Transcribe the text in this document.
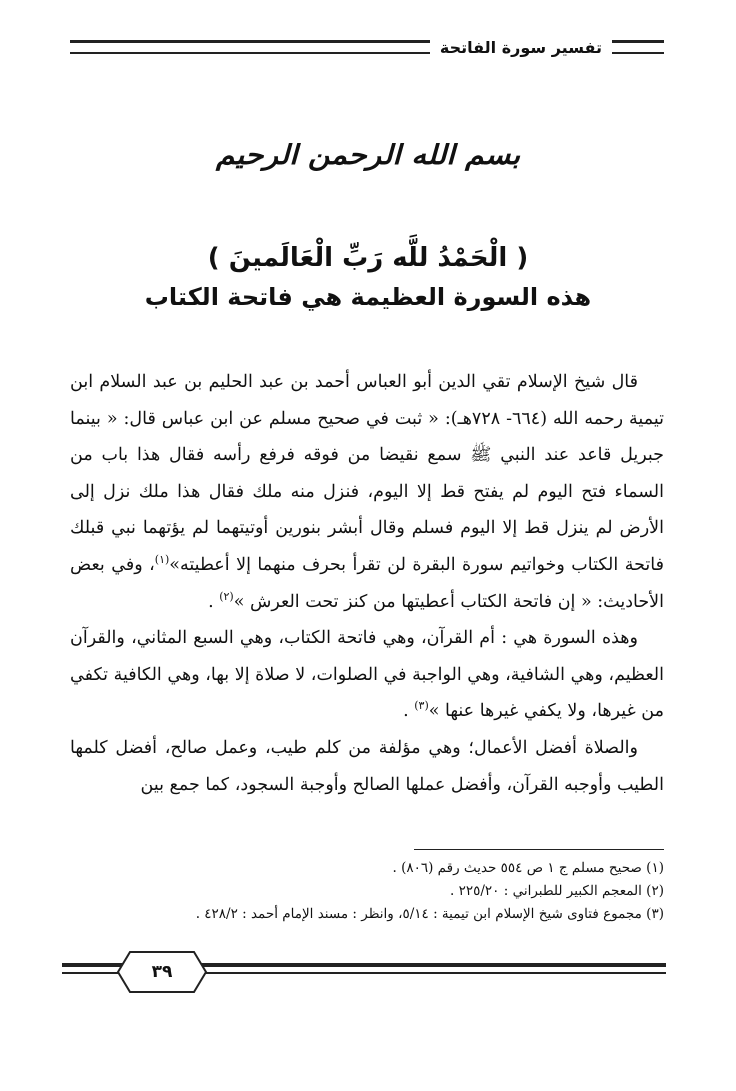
تفسير سورة الفاتحة
بسم الله الرحمن الرحيم
( الْحَمْدُ للَّه رَبِّ الْعَالَمينَ )
هذه السورة العظيمة هي فاتحة الكتاب

قال شيخ الإسلام تقي الدين أبو العباس أحمد بن عبد الحليم بن عبد السلام ابن تيمية رحمه الله (٦٦٤- ٧٢٨هـ): « ثبت في صحيح مسلم عن ابن عباس قال: « بينما جبريل قاعد عند النبي ﷺ سمع نقيضا من فوقه فرفع رأسه فقال هذا باب من السماء فتح اليوم لم يفتح قط إلا اليوم، فنزل منه ملك فقال هذا ملك نزل إلى الأرض لم ينزل قط إلا اليوم فسلم وقال أبشر بنورين أوتيتهما لم يؤتهما نبي قبلك فاتحة الكتاب وخواتيم سورة البقرة لن تقرأ بحرف منهما إلا أعطيته»$^{(١)}$، وفي بعض الأحاديث: « إن فاتحة الكتاب أعطيتها من كنز تحت العرش »$^{(٢)}$ .

وهذه السورة هي : أم القرآن، وهي فاتحة الكتاب، وهي السبع المثاني، والقرآن العظيم، وهي الشافية، وهي الواجبة في الصلوات، لا صلاة إلا بها، وهي الكافية تكفي من غيرها، ولا يكفي غيرها عنها »$^{(٣)}$ .

والصلاة أفضل الأعمال؛ وهي مؤلفة من كلم طيب، وعمل صالح، أفضل كلمها الطيب وأوجبه القرآن، وأفضل عملها الصالح وأوجبة السجود، كما جمع بين

(١) صحيح مسلم ج ١ ص ٥٥٤ حديث رقم (٨٠٦) .
(٢) المعجم الكبير للطبراني : ٢٢٥/٢٠ .
(٣) مجموع فتاوى شيخ الإسلام ابن تيمية : ٥/١٤، وانظر : مسند الإمام أحمد : ٤٢٨/٢ .
٣٩
